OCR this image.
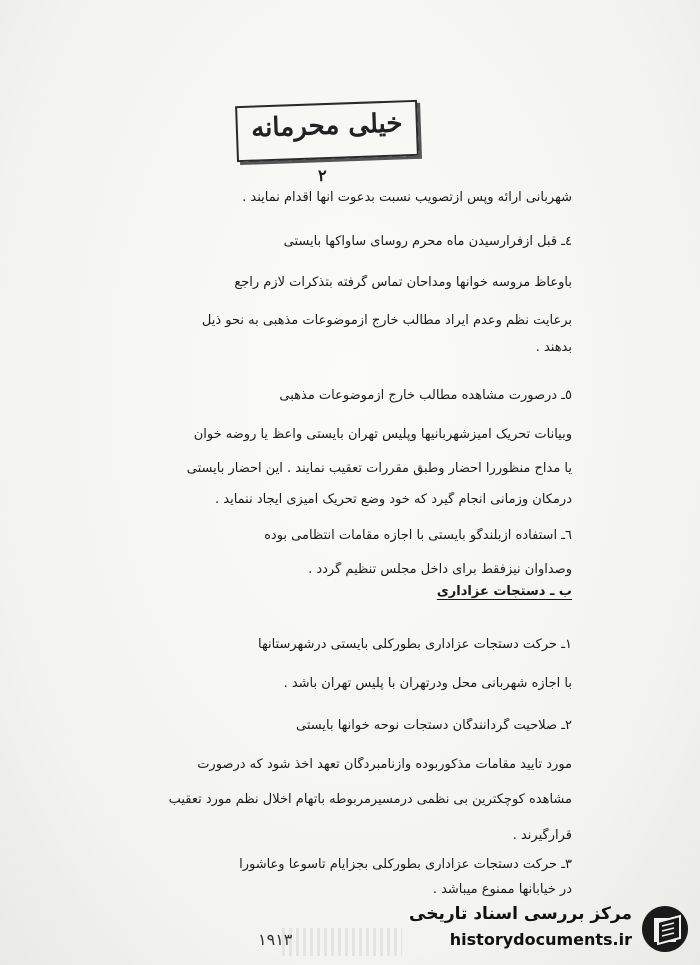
خیلی محرمانه
۲
شهربانی ارائه وپس ازتصویب نسبت بدعوت آنها اقدام نمایند .
٤ـ قبل ازفرارسیدن ماه محرم روسای ساواکها بایستی
باوعاظ مروسه خوانها ومداحان تماس گرفته بتذکرات لازم راجع
برعایت نظم وعدم ایراد مطالب خارج ازموضوعات مذهبی به نحو ذیل
بدهند .
٥ـ درصورت مشاهده مطالب خارج ازموضوعات مذهبی
وبیانات تحریک آمیزشهربانیها وپلیس تهران بایستی واعظ یا روضه خوان
یا مداح منظوررا احضار وطبق مقررات تعقیب نمایند . این احضار بایستی
درمکان وزمانی انجام گیرد که خود وضع تحریک آمیزی ایجاد ننماید .
٦ـ استفاده ازبلندگو بایستی با اجازه مقامات انتظامی بوده
وصداوآن نیزفقط برای داخل مجلس تنظیم گردد .
۱ـ حرکت دستجات عزاداری بطورکلی بایستی درشهرستانها
با اجازه شهربانی محل ودرتهران با پلیس تهران باشد .
۲ـ صلاحیت گردانندگان دستجات نوحه خوانها بایستی
مورد تایید مقامات مذکوربوده وازنامبردگان تعهد اخذ شود که درصورت
مشاهده کوچکترین بی نظمی درمسیرمربوطه باتهام اخلال نظم مورد تعقیب
قرارگیرند .
۳ـ حرکت دستجات عزاداری بطورکلی بجزایام تاسوعا وعاشورا
در خیابانها ممنوع میباشد .
ب ـ دستجات عزاداری
۱۹۱۳
مرکز بررسی اسناد تاریخی
historydocuments.ir
